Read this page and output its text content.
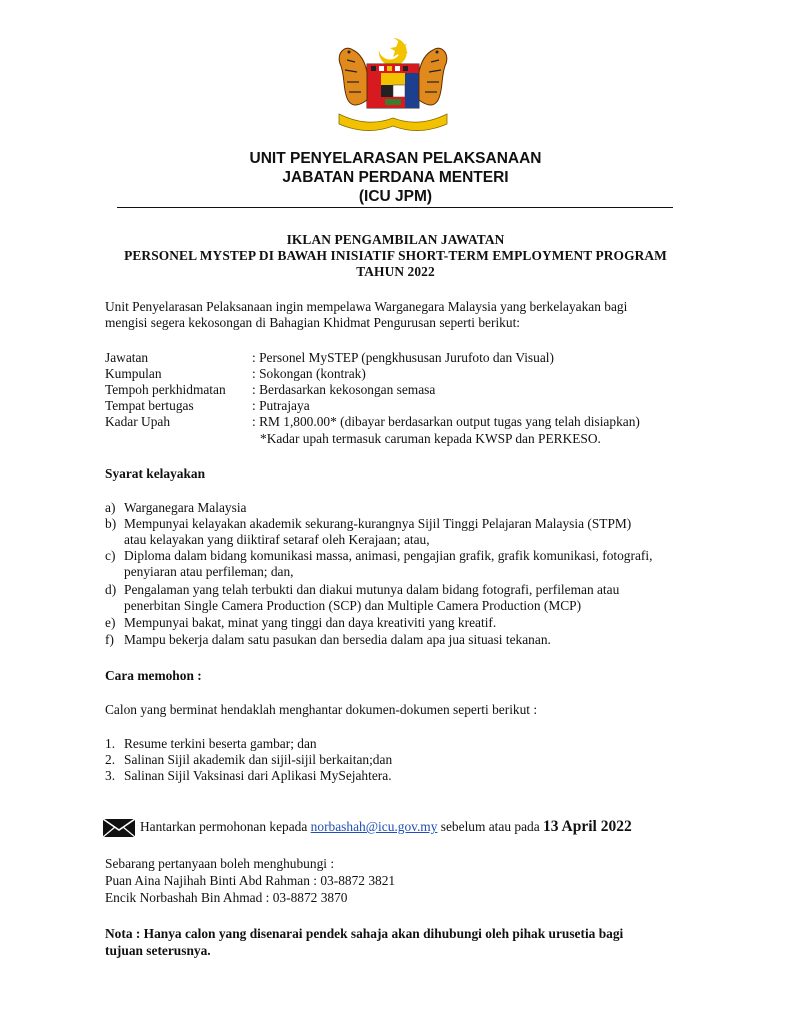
UNIT PENYELARASAN PELAKSANAAN
JABATAN PERDANA MENTERI
(ICU JPM)
IKLAN PENGAMBILAN JAWATAN
PERSONEL MYSTEP DI BAWAH INISIATIF SHORT-TERM EMPLOYMENT PROGRAM
TAHUN 2022
Unit Penyelarasan Pelaksanaan ingin mempelawa Warganegara Malaysia yang berkelayakan bagi
mengisi segera kekosongan di Bahagian Khidmat Pengurusan seperti berikut:
Jawatan	: Personel MySTEP (pengkhususan Jurufoto dan Visual)
Kumpulan	: Sokongan (kontrak)
Tempoh perkhidmatan : Berdasarkan kekosongan semasa
Tempat bertugas	: Putrajaya
Kadar Upah	: RM 1,800.00* (dibayar berdasarkan output tugas yang telah disiapkan)
*Kadar upah termasuk caruman kepada KWSP dan PERKESO.
Syarat kelayakan
a) Warganegara Malaysia
b) Mempunyai kelayakan akademik sekurang-kurangnya Sijil Tinggi Pelajaran Malaysia (STPM)
atau kelayakan yang diiktiraf setaraf oleh Kerajaan; atau,
c) Diploma dalam bidang komunikasi massa, animasi, pengajian grafik, grafik komunikasi, fotografi,
penyiaran atau perfileman; dan,
d) Pengalaman yang telah terbukti dan diakui mutunya dalam bidang fotografi, perfileman atau
penerbitan Single Camera Production (SCP) dan Multiple Camera Production (MCP)
e) Mempunyai bakat, minat yang tinggi dan daya kreativiti yang kreatif.
f) Mampu bekerja dalam satu pasukan dan bersedia dalam apa jua situasi tekanan.
Cara memohon :
Calon yang berminat hendaklah menghantar dokumen-dokumen seperti berikut :
1. Resume terkini beserta gambar; dan
2. Salinan Sijil akademik dan sijil-sijil berkaitan;dan
3. Salinan Sijil Vaksinasi dari Aplikasi MySejahtera.
Hantarkan permohonan kepada norbashah@icu.gov.my sebelum atau pada 13 April 2022
Sebarang pertanyaan boleh menghubungi :
Puan Aina Najihah Binti Abd Rahman : 03-8872 3821
Encik Norbashah Bin Ahmad : 03-8872 3870
Nota : Hanya calon yang disenarai pendek sahaja akan dihubungi oleh pihak urusetia bagi
tujuan seterusnya.
